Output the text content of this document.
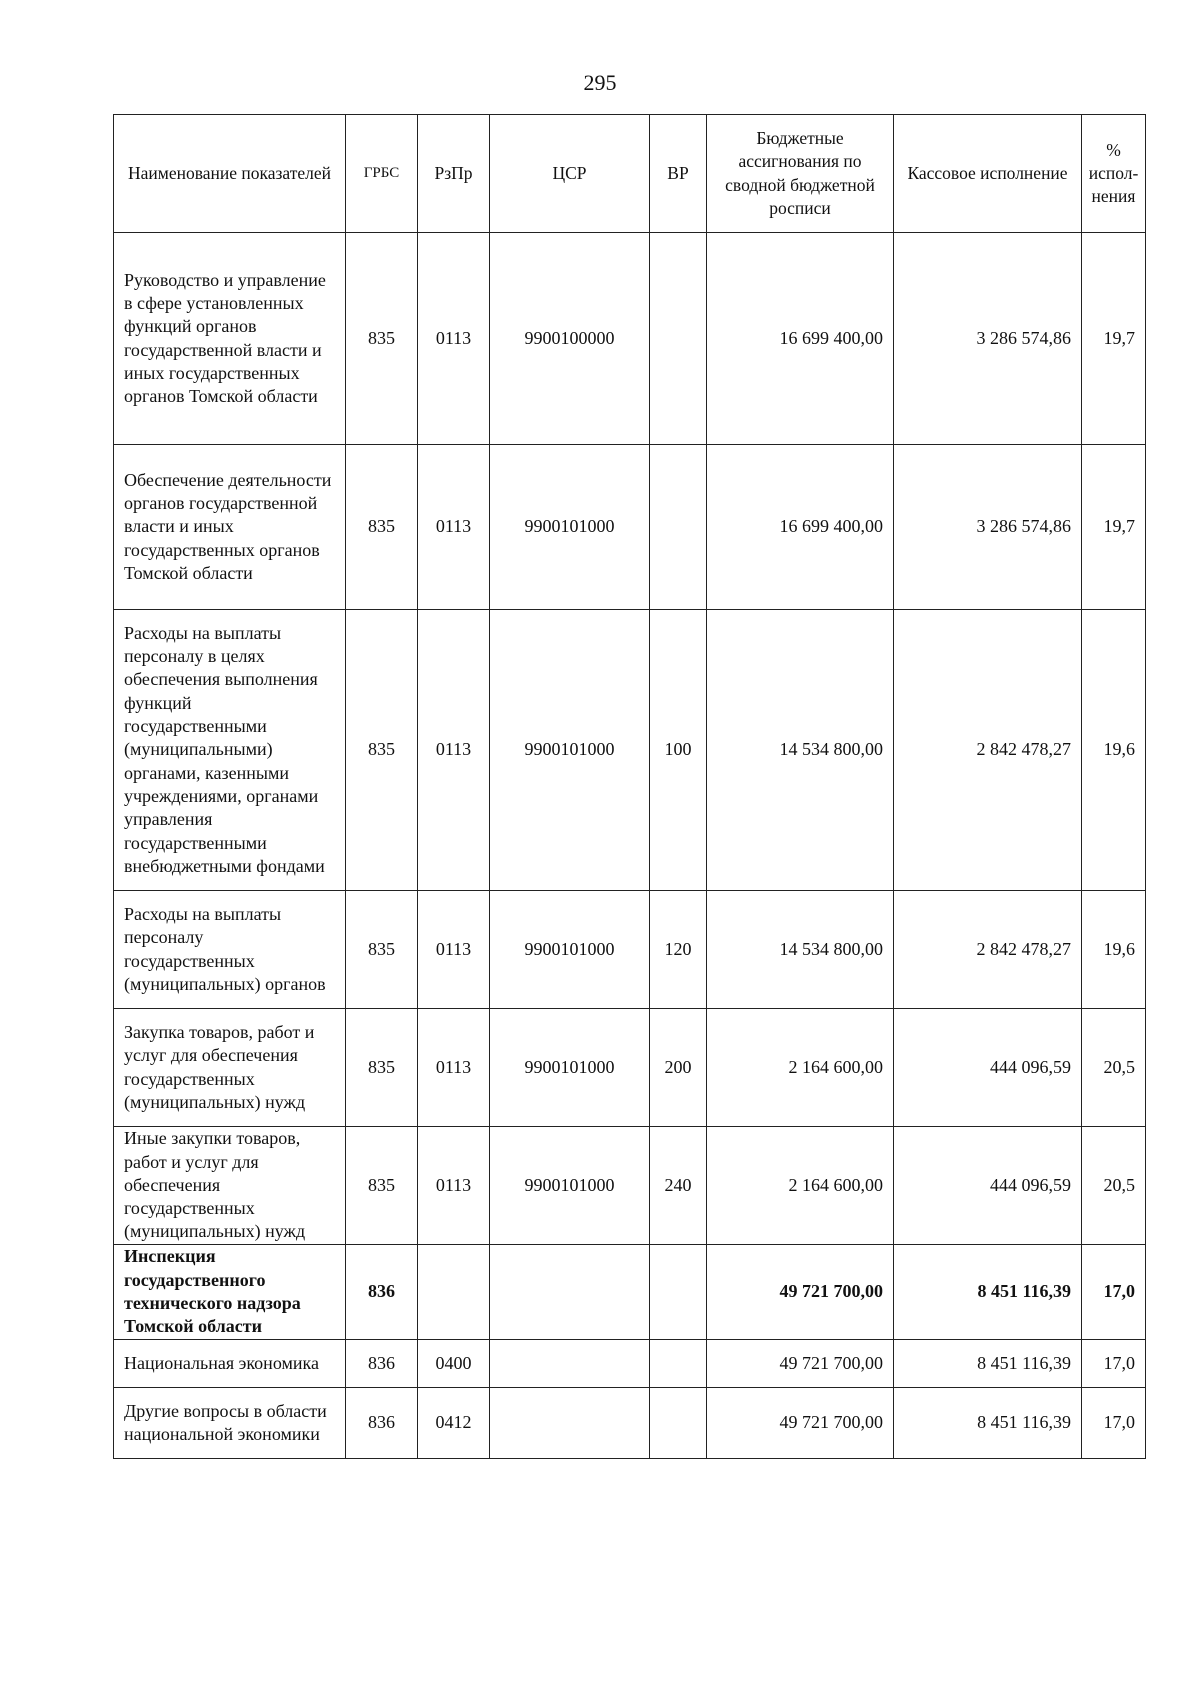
295
Наименование показателей	ГРБС	РзПр	ЦСР	ВР	Бюджетные ассигнования по сводной бюджетной росписи	Кассовое исполнение	% испол-нения
Руководство и управление в сфере установленных функций органов государственной власти и иных государственных органов Томской области	835	0113	9900100000		16 699 400,00	3 286 574,86	19,7
Обеспечение деятельности органов государственной власти и иных государственных органов Томской области	835	0113	9900101000		16 699 400,00	3 286 574,86	19,7
Расходы на выплаты персоналу в целях обеспечения выполнения функций государственными (муниципальными) органами, казенными учреждениями, органами управления государственными внебюджетными фондами	835	0113	9900101000	100	14 534 800,00	2 842 478,27	19,6
Расходы на выплаты персоналу государственных (муниципальных) органов	835	0113	9900101000	120	14 534 800,00	2 842 478,27	19,6
Закупка товаров, работ и услуг для обеспечения государственных (муниципальных) нужд	835	0113	9900101000	200	2 164 600,00	444 096,59	20,5
Иные закупки товаров, работ и услуг для обеспечения государственных (муниципальных) нужд	835	0113	9900101000	240	2 164 600,00	444 096,59	20,5
Инспекция государственного технического надзора Томской области	836				49 721 700,00	8 451 116,39	17,0
Национальная экономика	836	0400			49 721 700,00	8 451 116,39	17,0
Другие вопросы в области национальной экономики	836	0412			49 721 700,00	8 451 116,39	17,0
